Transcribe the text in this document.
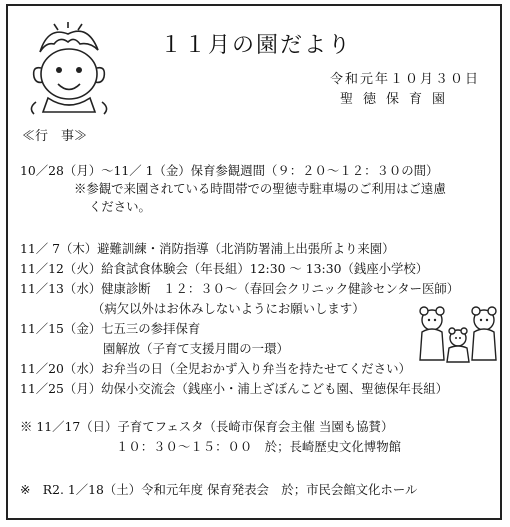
１１月の園だより
令和元年１０月３０日
聖徳保育園
≪行　事≫
10／28（月）～11／ 1（金）保育参観週間（９：２０～１２：３０の間）
※参観で来園されている時間帯での聖徳寺駐車場のご利用はご遠慮
ください。
11／ 7（木）避難訓練・消防指導（北消防署浦上出張所より来園）
11／12（火）給食試食体験会（年長組）12:30 ～ 13:30（銭座小学校）
11／13（水）健康診断　１２：３０～（春回会クリニック健診センター医師）
（病欠以外はお休みしないようにお願いします）
11／15（金）七五三の参拝保育
園解放（子育て支援月間の一環）
11／20（水）お弁当の日（全児おかず入り弁当を持たせてください）
11／25（月）幼保小交流会（銭座小・浦上ざぼんこども園、聖徳保年長組）
※ 11／17（日）子育てフェスタ（長崎市保育会主催 当園も協賛）
１０：３０～１５：００　於；長崎歴史文化博物館
※　R2. 1／18（土）令和元年度 保育発表会　於；市民会館文化ホール
